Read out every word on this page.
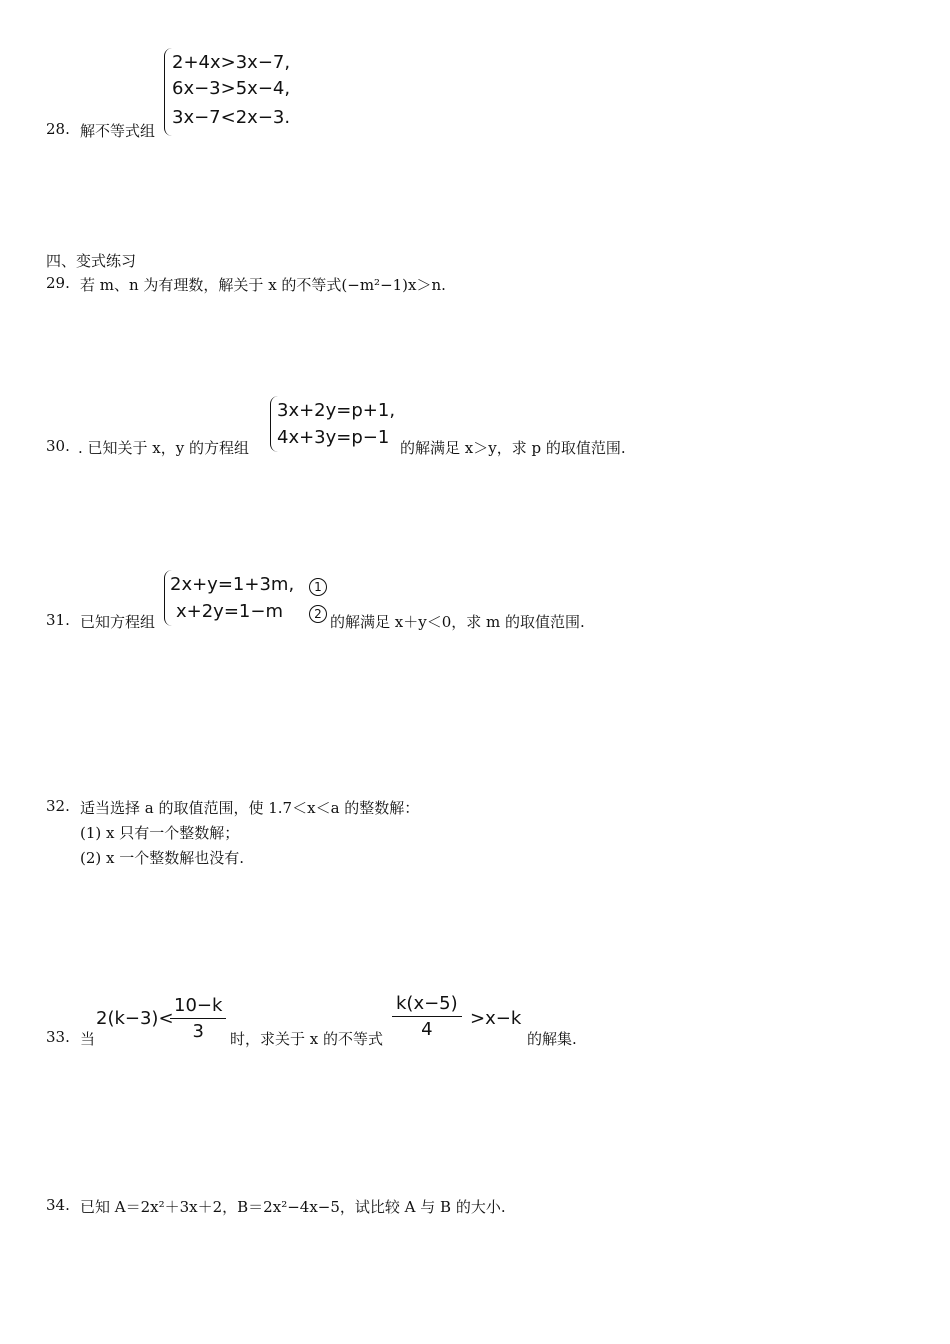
28. 解不等式组
2+4x>3x−7,
6x−3>5x−4,
3x−7<2x−3.
四、变式练习
29. 若 m、n 为有理数，解关于 x 的不等式(−m²−1)x＞n.
30. . 已知关于 x，y 的方程组
3x+2y=p+1,
4x+3y=p−1 的解满足 x＞y，求 p 的取值范围.
31. 已知方程组
2x+y=1+3m,
x+2y=1−m
1
2 的解满足 x＋y＜0，求 m 的取值范围.
32. 适当选择 a 的取值范围，使 1.7＜x＜a 的整数解：
(1) x 只有一个整数解；
(2) x 一个整数解也没有.
33. 当
2(k−3)<
$\frac{10-k}{3}$ 时，求关于 x 的不等式 $\frac{k(x-5)}{4} >x-k$
的解集.
34. 已知 A＝2x²＋3x＋2，B＝2x²−4x−5，试比较 A 与 B 的大小.
